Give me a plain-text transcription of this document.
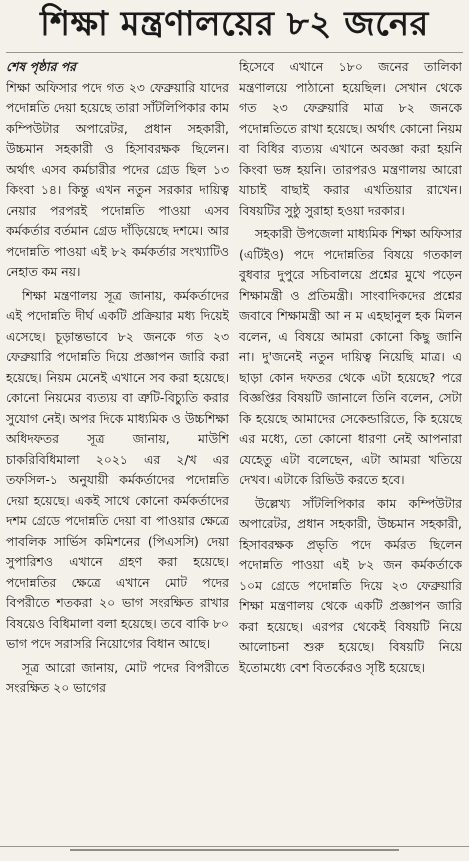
শিক্ষা মন্ত্রণালয়ের ৮২ জনের
শেষ পৃষ্ঠার পর

শিক্ষা অফিসার পদে গত ২৩ ফেব্রুয়ারি যাদের পদোন্নতি দেয়া হয়েছে তারা সাঁটলিপিকার কাম কম্পিউটার অপারেটর, প্রধান সহকারী, উচ্চমান সহকারী ও হিসাবরক্ষক ছিলেন। অর্থাৎ এসব কর্মচারীর পদের গ্রেড ছিল ১৩ কিংবা ১৪। কিন্তু এখন নতুন সরকার দায়িত্ব নেয়ার পরপরই পদোন্নতি পাওয়া এসব কর্মকর্তার বর্তমান গ্রেড দাঁড়িয়েছে দশমে। আর পদোন্নতি পাওয়া এই ৮২ কর্মকর্তার সংখ্যাটিও নেহাত কম নয়।

শিক্ষা মন্ত্রণালয় সূত্র জানায়, কর্মকর্তাদের এই পদোন্নতি দীর্ঘ একটি প্রক্রিয়ার মধ্য দিয়েই এসেছে। চূড়ান্তভাবে ৮২ জনকে গত ২৩ ফেব্রুয়ারি পদোন্নতি দিয়ে প্রজ্ঞাপন জারি করা হয়েছে। নিয়ম মেনেই এখানে সব করা হয়েছে। কোনো নিয়মের ব্যত্যয় বা ত্রুটি-বিচ্যুতি করার সুযোগ নেই। অপর দিকে মাধ্যমিক ও উচ্চশিক্ষা অধিদফতর সূত্র জানায়, মাউশি চাকরিবিধিমালা ২০২১ এর ২/খ এর তফসিল-১ অনুযায়ী কর্মকর্তাদের পদোন্নতি দেয়া হয়েছে। একই সাথে কোনো কর্মকর্তাদের দশম গ্রেডে পদোন্নতি দেয়া বা পাওয়ার ক্ষেত্রে পাবলিক সার্ভিস কমিশনের (পিএসসি) দেয়া সুপারিশও এখানে গ্রহণ করা হয়েছে। পদোন্নতির ক্ষেত্রে এখানে মোট পদের বিপরীতে শতকরা ২০ ভাগ সংরক্ষিত রাখার বিষয়েও বিধিমালা বলা হয়েছে। তবে বাকি ৮০ ভাগ পদে সরাসরি নিয়োগের বিধান আছে।

সূত্র আরো জানায়, মোট পদের বিপরীতে সংরক্ষিত ২০ ভাগের

হিসেবে এখানে ১৮০ জনের তালিকা মন্ত্রণালয়ে পাঠানো হয়েছিল। সেখান থেকে গত ২৩ ফেব্রুয়ারি মাত্র ৮২ জনকে পদোন্নতিতে রাখা হয়েছে। অর্থাৎ কোনো নিয়ম বা বিধির ব্যত্যয় এখানে অবজ্ঞা করা হয়নি কিংবা ভঙ্গ হয়নি। তারপরও মন্ত্রণালয় আরো যাচাই বাছাই করার এখতিয়ার রাখেন। বিষয়টির সুষ্ঠু সুরাহা হওয়া দরকার।

সহকারী উপজেলা মাধ্যমিক শিক্ষা অফিসার (এটিইও) পদে পদোন্নতির বিষয়ে গতকাল বুধবার দুপুরে সচিবালয়ে প্রশ্নের মুখে পড়েন শিক্ষামন্ত্রী ও প্রতিমন্ত্রী। সাংবাদিকদের প্রশ্নের জবাবে শিক্ষামন্ত্রী আ ন ম এহছানুল হক মিলন বলেন, এ বিষয়ে আমরা কোনো কিছু জানি না। দু'জনেই নতুন দায়িত্ব নিয়েছি মাত্র। এ ছাড়া কোন দফতর থেকে এটা হয়েছে? পরে বিজ্ঞপ্তির বিষয়টি জানালে তিনি বলেন, সেটা কি হয়েছে আমাদের সেকেন্ডারিতে, কি হয়েছে এর মধ্যে, তো কোনো ধারণা নেই আপনারা যেহেতু এটা বলেছেন, এটা আমরা খতিয়ে দেখব। এটাকে রিভিউ করতে হবে।

উল্লেখ্য সাঁটলিপিকার কাম কম্পিউটার অপারেটর, প্রধান সহকারী, উচ্চমান সহকারী, হিসাবরক্ষক প্রভৃতি পদে কর্মরত ছিলেন পদোন্নতি পাওয়া এই ৮২ জন কর্মকর্তাকে ১০ম গ্রেডে পদোন্নতি দিয়ে ২৩ ফেব্রুয়ারি শিক্ষা মন্ত্রণালয় থেকে একটি প্রজ্ঞাপন জারি করা হয়েছে। এরপর থেকেই বিষয়টি নিয়ে আলোচনা শুরু হয়েছে। বিষয়টি নিয়ে ইতোমধ্যে বেশ বিতর্কেরও সৃষ্টি হয়েছে।
